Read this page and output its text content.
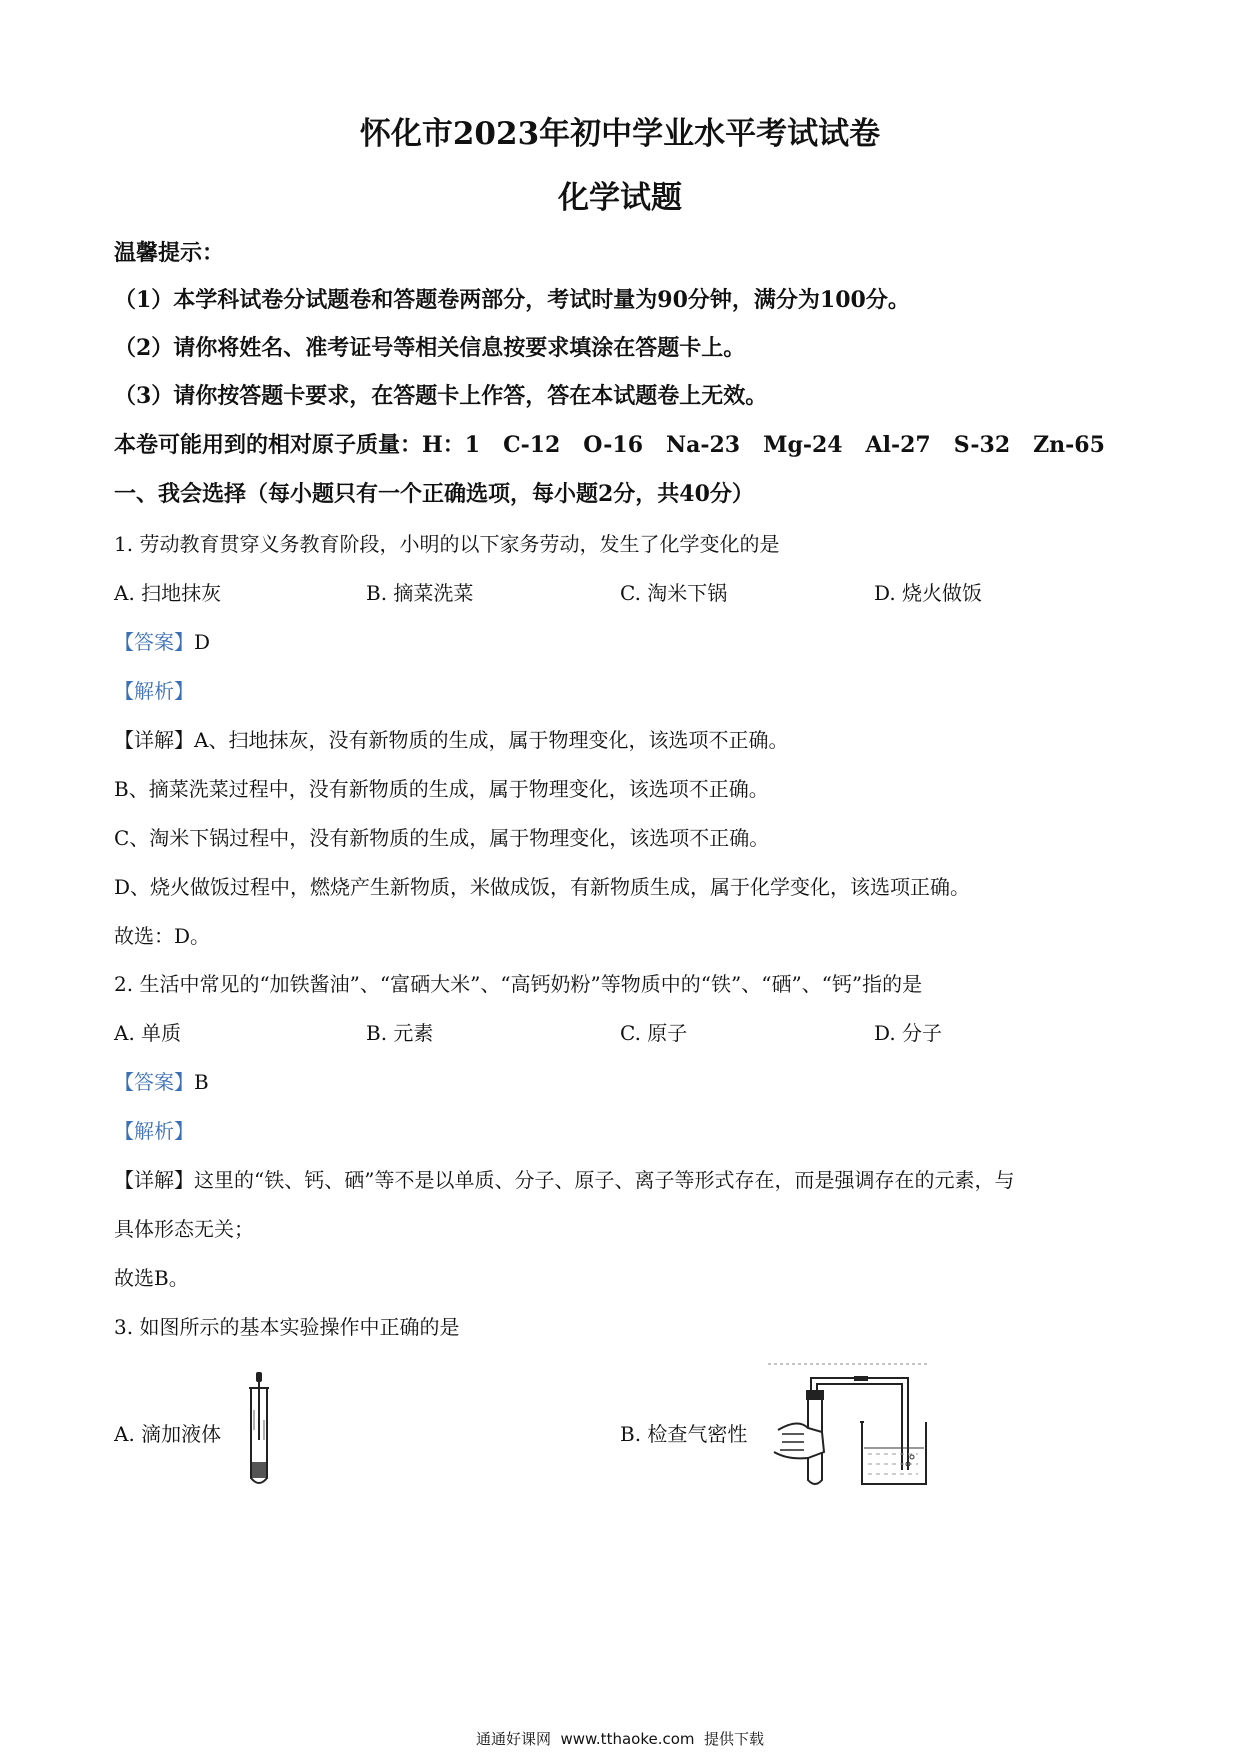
怀化市2023年初中学业水平考试试卷
化学试题
温馨提示：
（1）本学科试卷分试题卷和答题卷两部分，考试时量为90分钟，满分为100分。
（2）请你将姓名、准考证号等相关信息按要求填涂在答题卡上。
（3）请你按答题卡要求，在答题卡上作答，答在本试题卷上无效。
本卷可能用到的相对原子质量：H：1   C-12   O-16   Na-23   Mg-24   Al-27   S-32   Zn-65
一、我会选择（每小题只有一个正确选项，每小题2分，共40分）
1. 劳动教育贯穿义务教育阶段，小明的以下家务劳动，发生了化学变化的是
A. 扫地抹灰	B. 摘菜洗菜	C. 淘米下锅	D. 烧火做饭
【答案】D
【解析】
【详解】A、扫地抹灰，没有新物质的生成，属于物理变化，该选项不正确。
B、摘菜洗菜过程中，没有新物质的生成，属于物理变化，该选项不正确。
C、淘米下锅过程中，没有新物质的生成，属于物理变化，该选项不正确。
D、烧火做饭过程中，燃烧产生新物质，米做成饭，有新物质生成，属于化学变化，该选项正确。
故选：D。
2. 生活中常见的“加铁酱油”、“富硒大米”、“高钙奶粉”等物质中的“铁”、“硒”、“钙”指的是
A. 单质	B. 元素	C. 原子	D. 分子
【答案】B
【解析】
【详解】这里的“铁、钙、硒”等不是以单质、分子、原子、离子等形式存在，而是强调存在的元素，与
具体形态无关；
故选B。
3. 如图所示的基本实验操作中正确的是
A. 滴加液体	B. 检查气密性
通通好课网  www.tthaoke.com  提供下载
